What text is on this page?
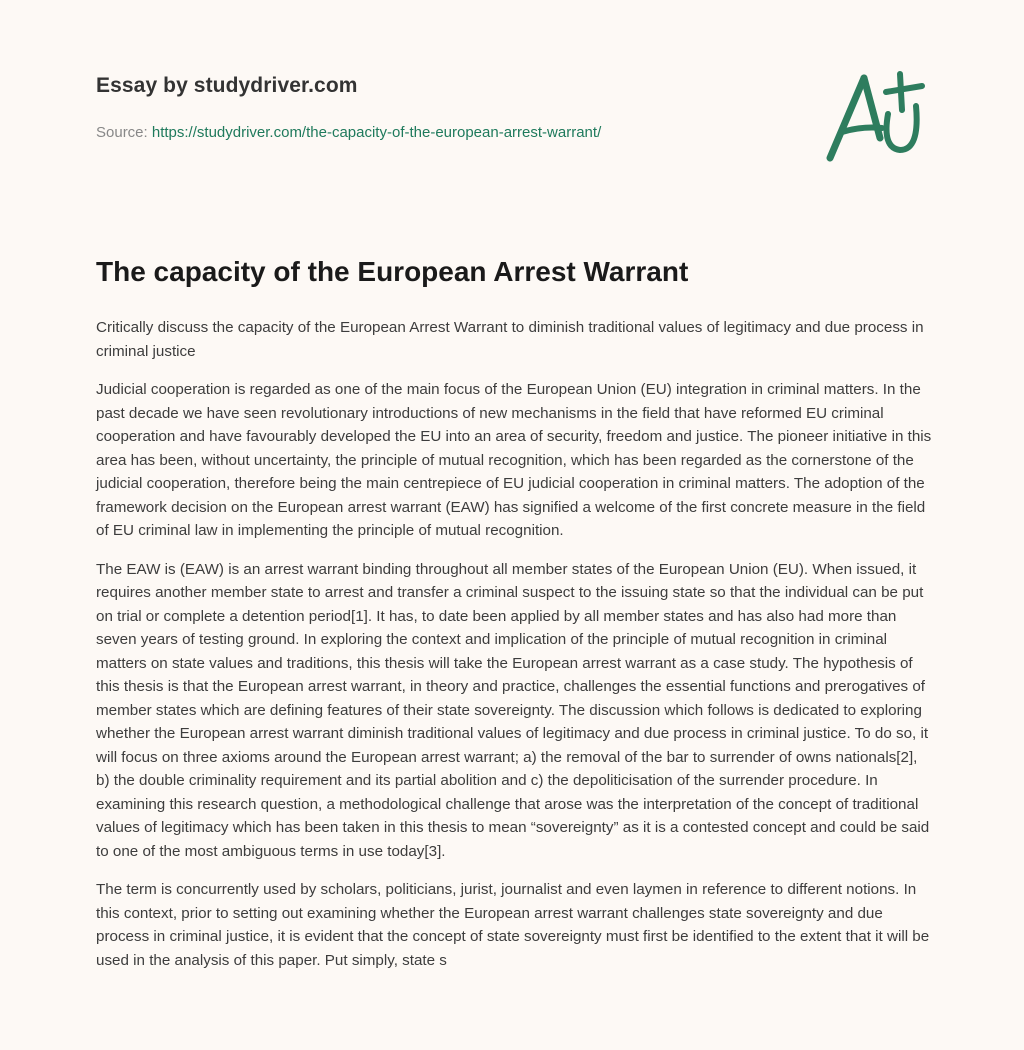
Essay by studydriver.com
Source: https://studydriver.com/the-capacity-of-the-european-arrest-warrant/
The capacity of the European Arrest Warrant

Critically discuss the capacity of the European Arrest Warrant to diminish traditional values of legitimacy and due process in criminal justice

Judicial cooperation is regarded as one of the main focus of the European Union (EU) integration in criminal matters. In the past decade we have seen revolutionary introductions of new mechanisms in the field that have reformed EU criminal cooperation and have favourably developed the EU into an area of security, freedom and justice. The pioneer initiative in this area has been, without uncertainty, the principle of mutual recognition, which has been regarded as the cornerstone of the judicial cooperation, therefore being the main centrepiece of EU judicial cooperation in criminal matters. The adoption of the framework decision on the European arrest warrant (EAW) has signified a welcome of the first concrete measure in the field of EU criminal law in implementing the principle of mutual recognition.

The EAW is (EAW) is an arrest warrant binding throughout all member states of the European Union (EU). When issued, it requires another member state to arrest and transfer a criminal suspect to the issuing state so that the individual can be put on trial or complete a detention period[1]. It has, to date been applied by all member states and has also had more than seven years of testing ground. In exploring the context and implication of the principle of mutual recognition in criminal matters on state values and traditions, this thesis will take the European arrest warrant as a case study. The hypothesis of this thesis is that the European arrest warrant, in theory and practice, challenges the essential functions and prerogatives of member states which are defining features of their state sovereignty. The discussion which follows is dedicated to exploring whether the European arrest warrant diminish traditional values of legitimacy and due process in criminal justice. To do so, it will focus on three axioms around the European arrest warrant; a) the removal of the bar to surrender of owns nationals[2], b) the double criminality requirement and its partial abolition and c) the depoliticisation of the surrender procedure. In examining this research question, a methodological challenge that arose was the interpretation of the concept of traditional values of legitimacy which has been taken in this thesis to mean “sovereignty” as it is a contested concept and could be said to one of the most ambiguous terms in use today[3].

The term is concurrently used by scholars, politicians, jurist, journalist and even laymen in reference to different notions. In this context, prior to setting out examining whether the European arrest warrant challenges state sovereignty and due process in criminal justice, it is evident that the concept of state sovereignty must first be identified to the extent that it will be used in the analysis of this paper. Put simply, state s
